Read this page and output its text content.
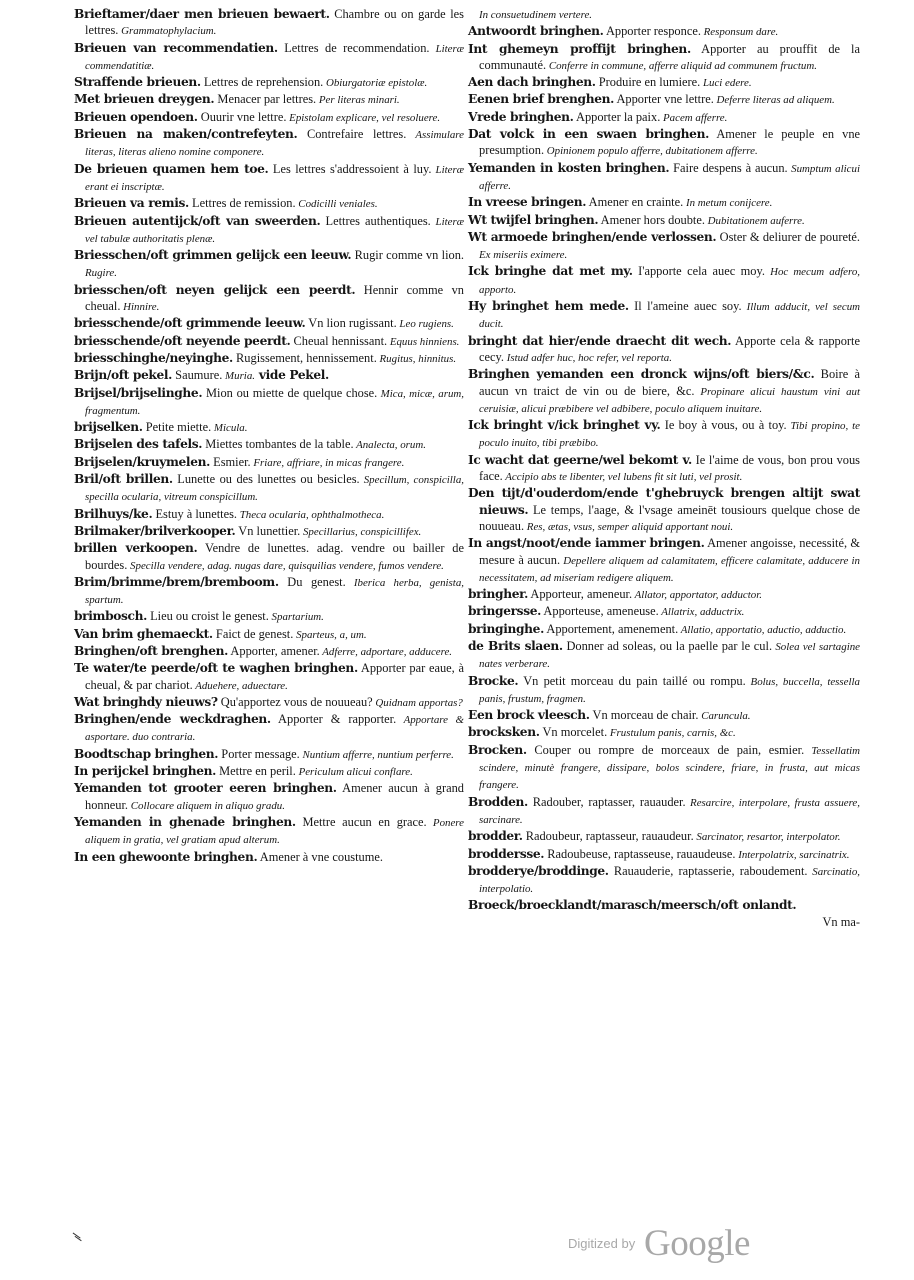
Brieftamer/daer men brieuen bewaert. Chambre ou on garde les lettres. Grammatophylacium.

Brieuen van recommendatien. Lettres de recommendation. Literæ commendatitiæ.

Straffende brieuen. Lettres de reprehension. Obiurgatoriæ epistolæ.

Met brieuen dreygen. Menacer par lettres. Per literas minari.

Brieuen opendoen. Ouurir vne lettre. Epistolam explicare, vel resoluere.

Brieuen na maken/contrefeyten. Contrefaire lettres. Assimulare literas, literas alieno nomine componere.

De brieuen quamen hem toe. Les lettres s'addressoient à luy. Literæ erant ei inscriptæ.

Brieuen va remis. Lettres de remission. Codicilli veniales.

Brieuen autentijck/oft van sweerden. Lettres authentiques. Literæ vel tabulæ authoritatis plenæ.

Briesschen/oft grimmen gelijck een leeuw. Rugir comme vn lion. Rugire.

briesschen/oft neyen gelijck een peerdt. Hennir comme vn cheual. Hinnire.

briesschende/oft grimmende leeuw. Vn lion rugissant. Leo rugiens.

briesschende/oft neyende peerdt. Cheual hennissant. Equus hinniens.

briesschinghe/neyinghe. Rugissement, hennissement. Rugitus, hinnitus.

Brijn/oft pekel. Saumure. Muria. vide Pekel.

Brijsel/brijselinghe. Mion ou miette de quelque chose. Mica, micæ, arum, fragmentum.

brijselken. Petite miette. Micula.

Brijselen des tafels. Miettes tombantes de la table. Analecta, orum.

Brijselen/kruymelen. Esmier. Friare, affriare, in micas frangere.

Bril/oft brillen. Lunette ou des lunettes ou besicles. Specillum, conspicilla, specilla ocularia, vitreum conspicillum.

Brilhuys/ke. Estuy à lunettes. Theca ocularia, ophthalmotheca.

Brilmaker/brilverkooper. Vn lunettier. Specillarius, conspicillifex.

brillen verkoopen. Vendre de lunettes. adag. vendre ou bailler de bourdes. Specilla vendere, adag. nugas dare, quisquilias vendere, fumos vendere.

Brim/brimme/brem/bremboom. Du genest. Iberica herba, genista, spartum.

brimbosch. Lieu ou croist le genest. Spartarium.

Van brim ghemaeckt. Faict de genest. Sparteus, a, um.

Bringhen/oft brenghen. Apporter, amener. Adferre, adportare, adducere.

Te water/te peerde/oft te waghen bringhen. Apporter par eaue, à cheual, & par chariot. Aduehere, aduectare.

Wat bringhdy nieuws? Qu'apportez vous de nouueau? Quidnam apportas?

Bringhen/ende weckdraghen. Apporter & rapporter. Apportare & asportare. duo contraria.

Boodtschap bringhen. Porter message. Nuntium afferre, nuntium perferre.

In perijckel bringhen. Mettre en peril. Periculum alicui conflare.

Yemanden tot grooter eeren bringhen. Amener aucun à grand honneur. Collocare aliquem in aliquo gradu.

Yemanden in ghenade bringhen. Mettre aucun en grace. Ponere aliquem in gratia, vel gratiam apud alterum.

In een ghewoonte bringhen. Amener à vne coustume.

In consuetudinem vertere.

Antwoordt bringhen. Apporter responce. Responsum dare.

Int ghemeyn proffijt bringhen. Apporter au prouffit de la communauté. Conferre in commune, afferre aliquid ad communem fructum.

Aen dach bringhen. Produire en lumiere. Luci edere.

Eenen brief brenghen. Apporter vne lettre. Deferre literas ad aliquem.

Vrede bringhen. Apporter la paix. Pacem afferre.

Dat volck in een swaen bringhen. Amener le peuple en vne presumption. Opinionem populo afferre, dubitationem afferre.

Yemanden in kosten bringhen. Faire despens à aucun. Sumptum alicui afferre.

In vreese bringen. Amener en crainte. In metum conijcere.

Wt twijfel bringhen. Amener hors doubte. Dubitationem auferre.

Wt armoede bringhen/ende verlossen. Oster & deliurer de poureté. Ex miseriis eximere.

Ick bringhe dat met my. I'apporte cela auec moy. Hoc mecum adfero, apporto.

Hy bringhet hem mede. Il l'ameine auec soy. Illum adducit, vel secum ducit.

bringht dat hier/ende draecht dit wech. Apporte cela & rapporte cecy. Istud adfer huc, hoc refer, vel reporta.

Bringhen yemanden een dronck wijns/oft biers/&c. Boire à aucun vn traict de vin ou de biere, &c. Propinare alicui haustum vini aut ceruisiæ, alicui præbibere vel adbibere, poculo aliquem inuitare.

Ick bringht v/ick bringhet vy. Ie boy à vous, ou à toy. Tibi propino, te poculo inuito, tibi præbibo.

Ic wacht dat geerne/wel bekomt v. Ie l'aime de vous, bon prou vous face. Accipio abs te libenter, vel lubens fit sit luti, vel prosit.

Den tijt/d'ouderdom/ende t'ghebruyck brengen altijt swat nieuws. Le temps, l'aage, & l'vsage ameinēt tousiours quelque chose de nouueau. Res, ætas, vsus, semper aliquid apportant noui.

In angst/noot/ende iammer bringen. Amener angoisse, necessité, & mesure à aucun. Depellere aliquem ad calamitatem, efficere calamitate, adducere in necessitatem, ad miseriam redigere aliquem.

bringher. Apporteur, ameneur. Allator, apportator, adductor.

bringersse. Apporteuse, ameneuse. Allatrix, adductrix.

bringinghe. Apportement, amenement. Allatio, apportatio, aductio, adductio.

de Brits slaen. Donner ad soleas, ou la paelle par le cul. Solea vel sartagine nates verberare.

Brocke. Vn petit morceau du pain taillé ou rompu. Bolus, buccella, tessella panis, frustum, fragmen.

Een brock vleesch. Vn morceau de chair. Caruncula.

brocksken. Vn morcelet. Frustulum panis, carnis, &c.

Brocken. Couper ou rompre de morceaux de pain, esmier. Tessellatim scindere, minutè frangere, dissipare, bolos scindere, friare, in frusta, aut micas frangere.

Brodden. Radouber, raptasser, rauauder. Resarcire, interpolare, frusta assuere, sarcinare.

brodder. Radoubeur, raptasseur, rauaudeur. Sarcinator, resartor, interpolator.

broddersse. Radoubeuse, raptasseuse, rauaudeuse. Interpolatrix, sarcinatrix.

brodderye/broddinge. Rauauderie, raptasserie, raboudement. Sarcinatio, interpolatio.

Broeck/broecklandt/marasch/meersch/oft onlandt.

Vn ma-

Digitized by Google
